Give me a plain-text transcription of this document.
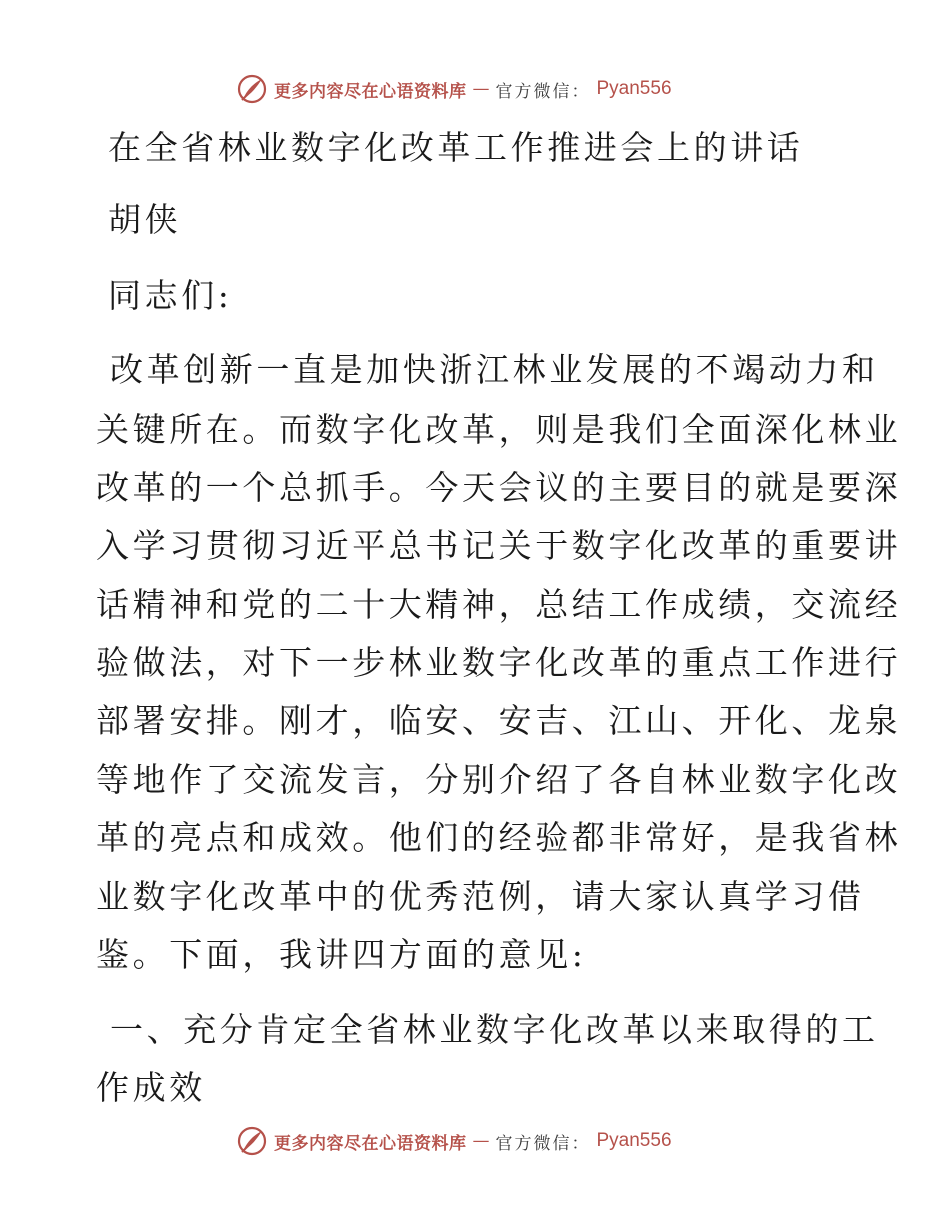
更多内容尽在心语资料库 — 官方微信： Pyan556
在全省林业数字化改革工作推进会上的讲话

胡侠

同志们:

改革创新一直是加快浙江林业发展的不竭动力和

关键所在。而数字化改革，则是我们全面深化林业

改革的一个总抓手。今天会议的主要目的就是要深

入学习贯彻习近平总书记关于数字化改革的重要讲

话精神和党的二十大精神，总结工作成绩，交流经

验做法，对下一步林业数字化改革的重点工作进行

部署安排。刚才，临安、安吉、江山、开化、龙泉

等地作了交流发言，分别介绍了各自林业数字化改

革的亮点和成效。他们的经验都非常好，是我省林

业数字化改革中的优秀范例，请大家认真学习借

鉴。下面，我讲四方面的意见:

一、充分肯定全省林业数字化改革以来取得的工

作成效

更多内容尽在心语资料库 — 官方微信： Pyan556
